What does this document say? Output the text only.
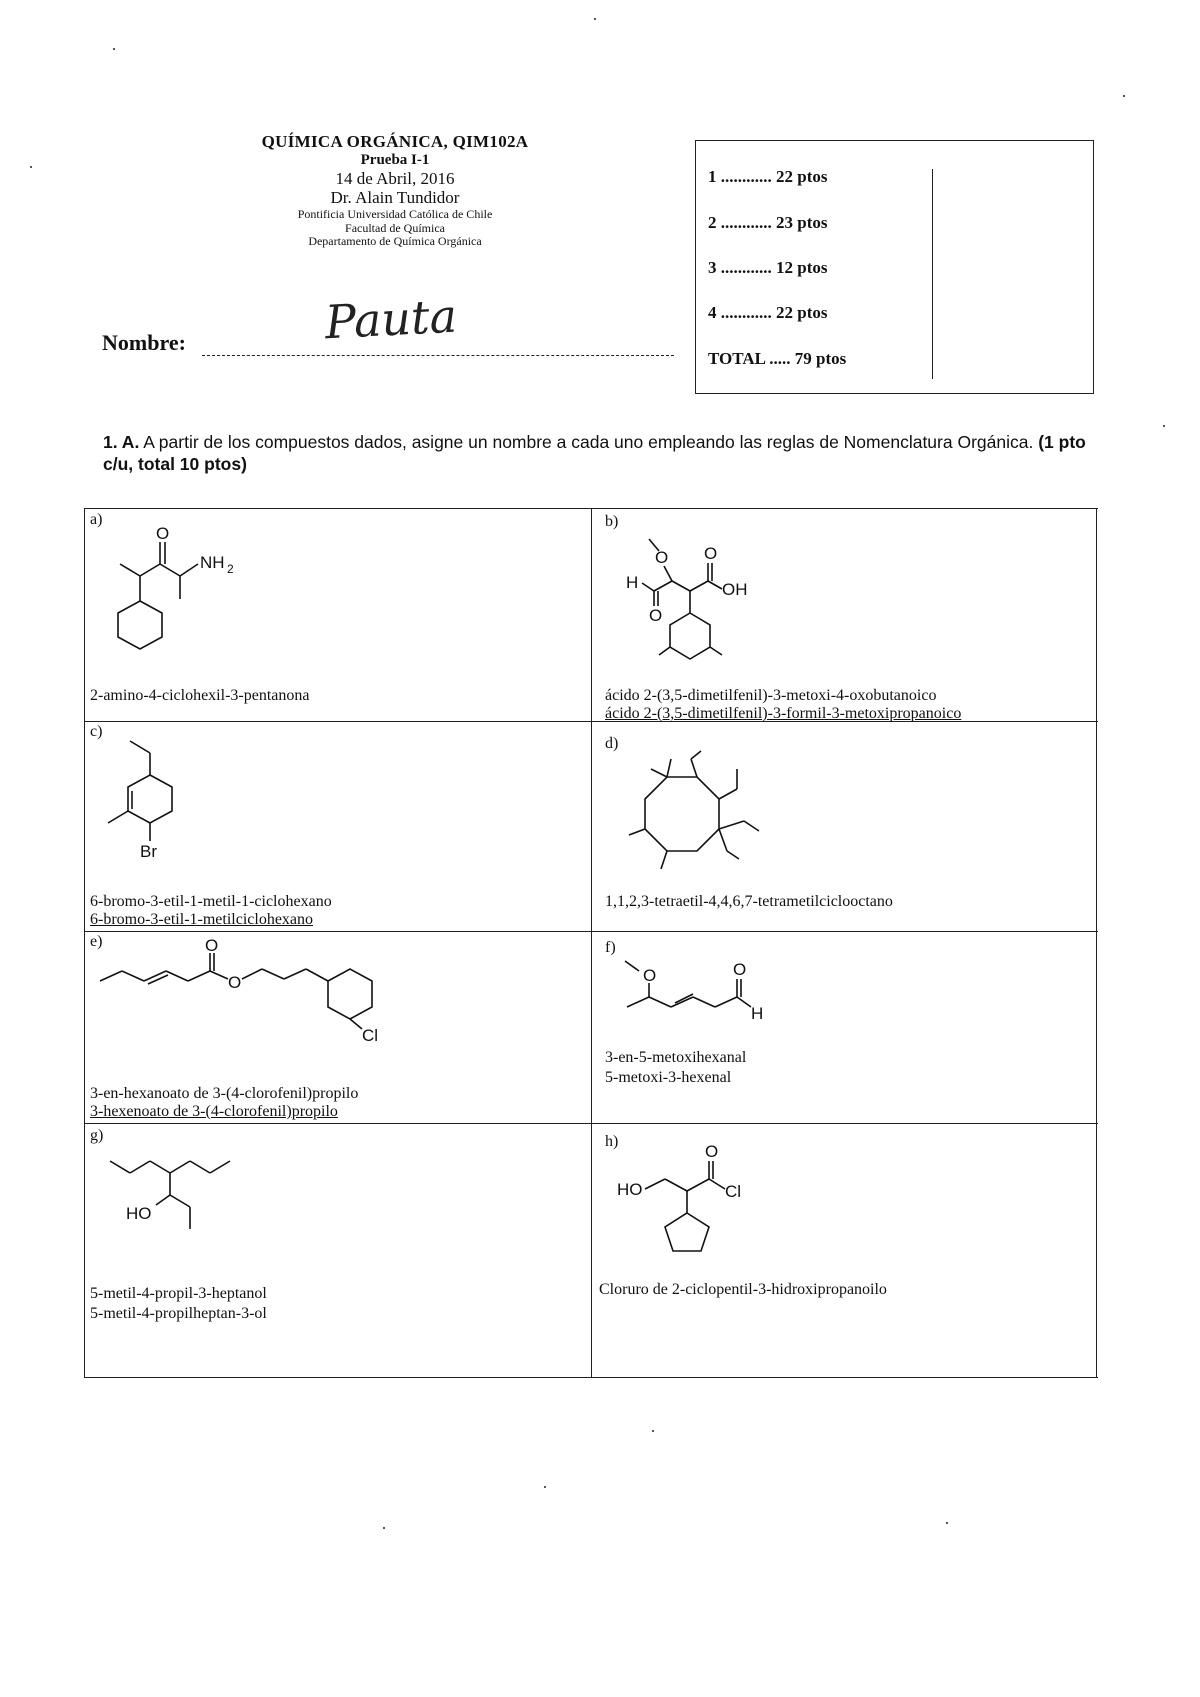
QUÍMICA ORGÁNICA, QIM102A
Prueba I-1
14 de Abril, 2016
Dr. Alain Tundidor
Pontificia Universidad Católica de Chile
Facultad de Química
Departamento de Química Orgánica
Nombre:	Pauta
1 ............ 22 ptos
2 ............ 23 ptos
3 ............ 12 ptos
4 ............ 22 ptos
TOTAL ..... 79 ptos
1. A. A partir de los compuestos dados, asigne un nombre a cada uno empleando las reglas de Nomenclatura Orgánica. (1 pto c/u, total 10 ptos)
a)
O
NH 2
2-amino-4-ciclohexil-3-pentanona
b)
O
H
O
O
OH
ácido 2-(3,5-dimetilfenil)-3-metoxi-4-oxobutanoico
ácido 2-(3,5-dimetilfenil)-3-formil-3-metoxipropanoico
c)
Br
6-bromo-3-etil-1-metil-1-ciclohexano
6-bromo-3-etil-1-metilciclohexano
d)
1,1,2,3-tetraetil-4,4,6,7-tetrametilciclooctano
e)	O
O
Cl
3-en-hexanoato de 3-(4-clorofenil)propilo
3-hexenoato de 3-(4-clorofenil)propilo
f)
O	O
H
3-en-5-metoxihexanal
5-metoxi-3-hexenal
g)
HO
5-metil-4-propil-3-heptanol
5-metil-4-propilheptan-3-ol
h)
HO
O
Cl
Cloruro de 2-ciclopentil-3-hidroxipropanoilo
